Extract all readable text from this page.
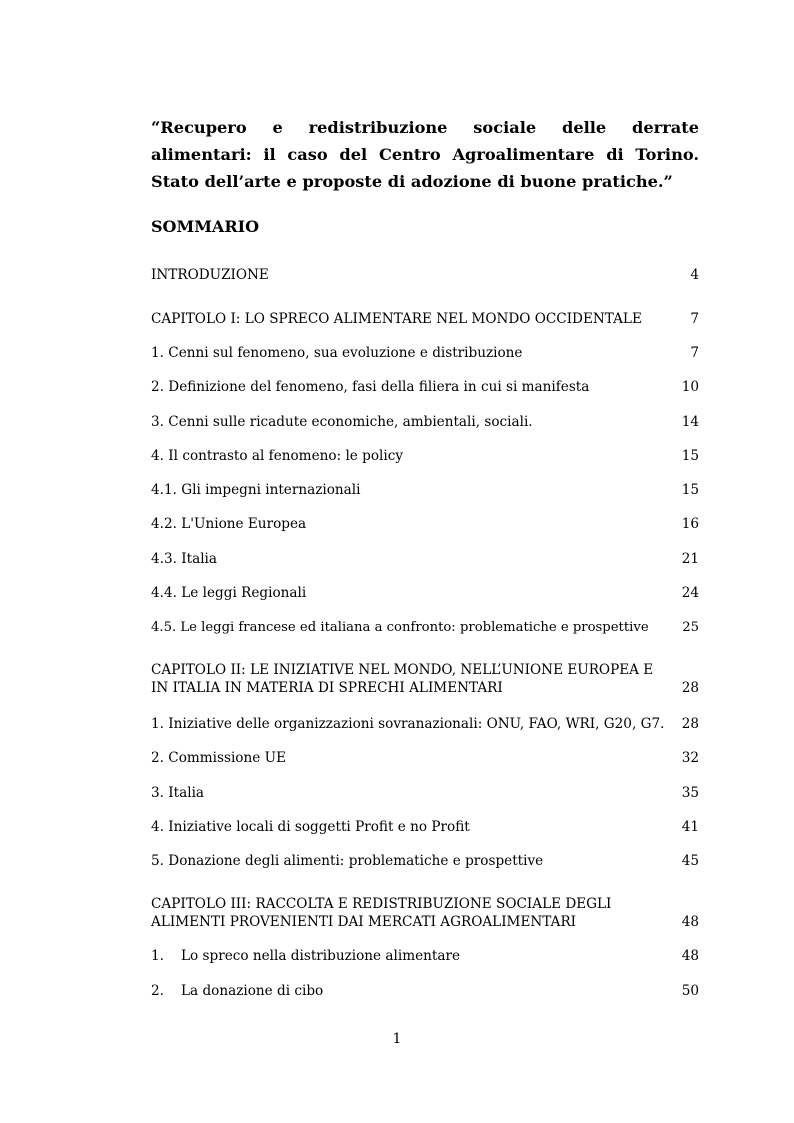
“Recupero e redistribuzione sociale delle derrate alimentari: il caso del Centro Agroalimentare di Torino. Stato dell’arte e proposte di adozione di buone pratiche.”
SOMMARIO
INTRODUZIONE	4
CAPITOLO I: LO SPRECO ALIMENTARE NEL MONDO OCCIDENTALE	7
1. Cenni sul fenomeno, sua evoluzione e distribuzione	7
2. Definizione del fenomeno, fasi della filiera in cui si manifesta	10
3. Cenni sulle ricadute economiche, ambientali, sociali.	14
4. Il contrasto al fenomeno: le policy	15
4.1. Gli impegni internazionali	15
4.2. L'Unione Europea	16
4.3. Italia	21
4.4. Le leggi Regionali	24
4.5. Le leggi francese ed italiana a confronto: problematiche e prospettive	25
CAPITOLO II: LE INIZIATIVE NEL MONDO, NELL’UNIONE EUROPEA E IN ITALIA IN MATERIA DI SPRECHI ALIMENTARI	28
1. Iniziative delle organizzazioni sovranazionali: ONU, FAO, WRI, G20, G7. 28
2. Commissione UE	32
3. Italia	35
4. Iniziative locali di soggetti Profit e no Profit	41
5. Donazione degli alimenti: problematiche e prospettive	45
CAPITOLO III: RACCOLTA E REDISTRIBUZIONE SOCIALE DEGLI ALIMENTI PROVENIENTI DAI MERCATI AGROALIMENTARI	48
1. Lo spreco nella distribuzione alimentare	48
2. La donazione di cibo	50
1
